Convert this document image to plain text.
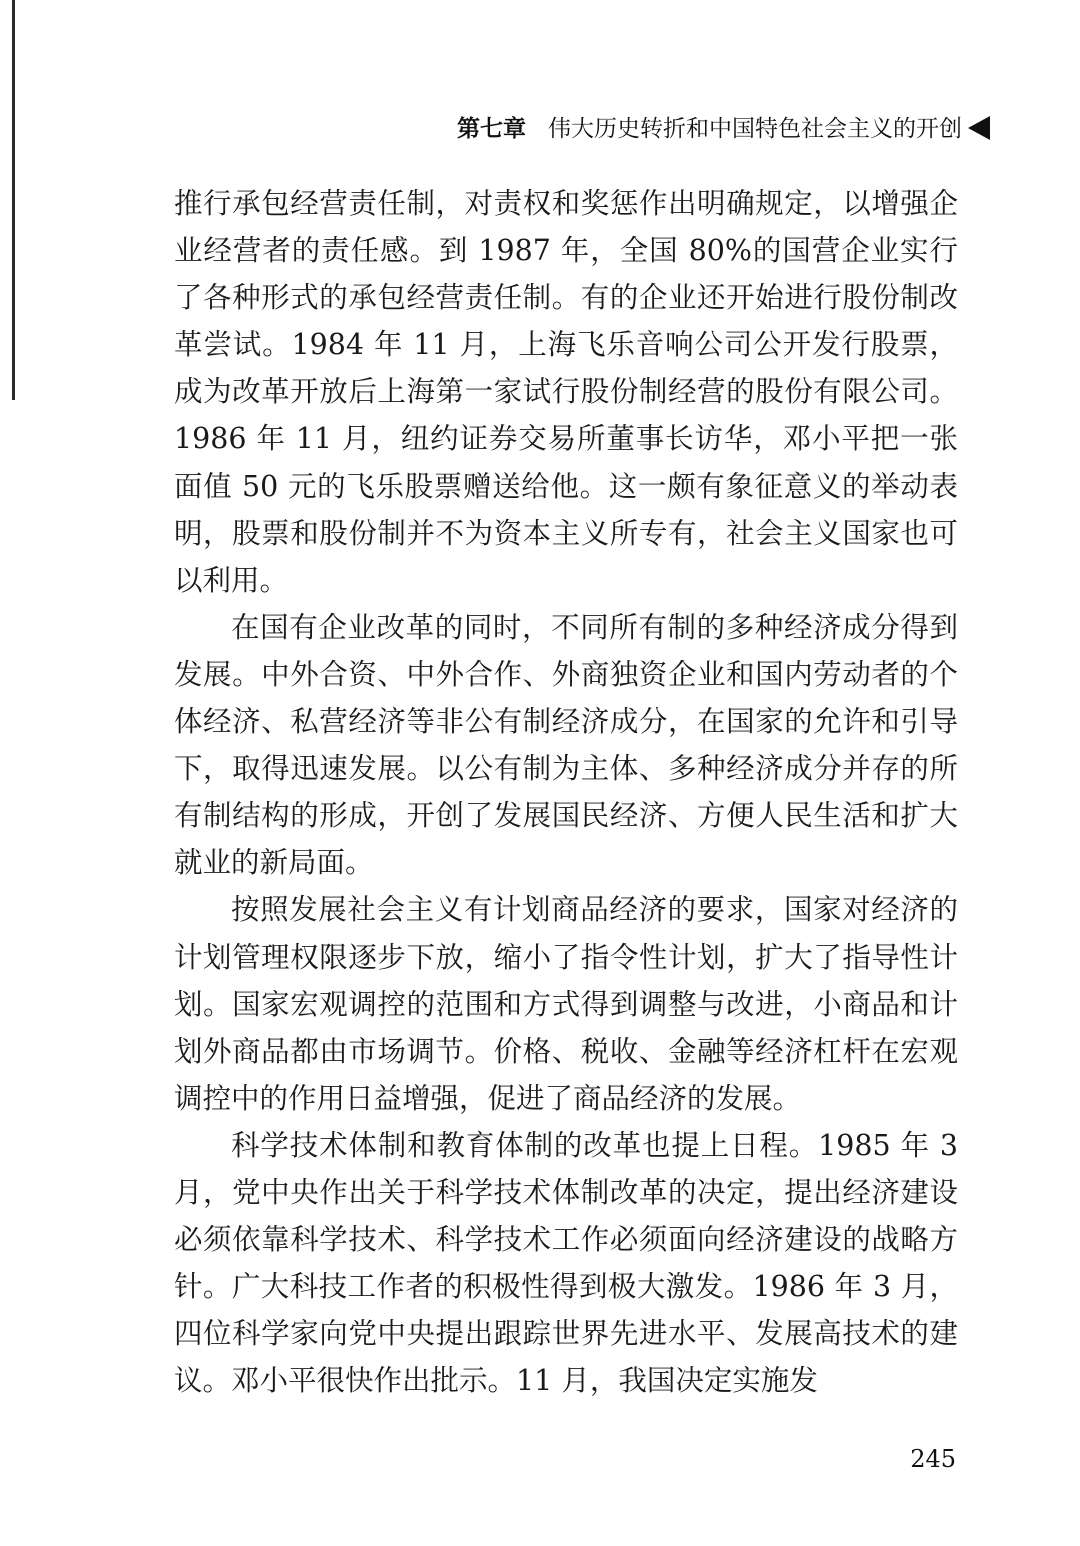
第七章 伟大历史转折和中国特色社会主义的开创

推行承包经营责任制，对责权和奖惩作出明确规定，以增强企业经营者的责任感。到 1987 年，全国 80%的国营企业实行了各种形式的承包经营责任制。有的企业还开始进行股份制改革尝试。1984 年 11 月，上海飞乐音响公司公开发行股票，成为改革开放后上海第一家试行股份制经营的股份有限公司。1986 年 11 月，纽约证券交易所董事长访华，邓小平把一张面值 50 元的飞乐股票赠送给他。这一颇有象征意义的举动表明，股票和股份制并不为资本主义所专有，社会主义国家也可以利用。

在国有企业改革的同时，不同所有制的多种经济成分得到发展。中外合资、中外合作、外商独资企业和国内劳动者的个体经济、私营经济等非公有制经济成分，在国家的允许和引导下，取得迅速发展。以公有制为主体、多种经济成分并存的所有制结构的形成，开创了发展国民经济、方便人民生活和扩大就业的新局面。

按照发展社会主义有计划商品经济的要求，国家对经济的计划管理权限逐步下放，缩小了指令性计划，扩大了指导性计划。国家宏观调控的范围和方式得到调整与改进，小商品和计划外商品都由市场调节。价格、税收、金融等经济杠杆在宏观调控中的作用日益增强，促进了商品经济的发展。

科学技术体制和教育体制的改革也提上日程。1985 年 3 月，党中央作出关于科学技术体制改革的决定，提出经济建设必须依靠科学技术、科学技术工作必须面向经济建设的战略方针。广大科技工作者的积极性得到极大激发。1986 年 3 月，四位科学家向党中央提出跟踪世界先进水平、发展高技术的建议。邓小平很快作出批示。11 月，我国决定实施发

245
